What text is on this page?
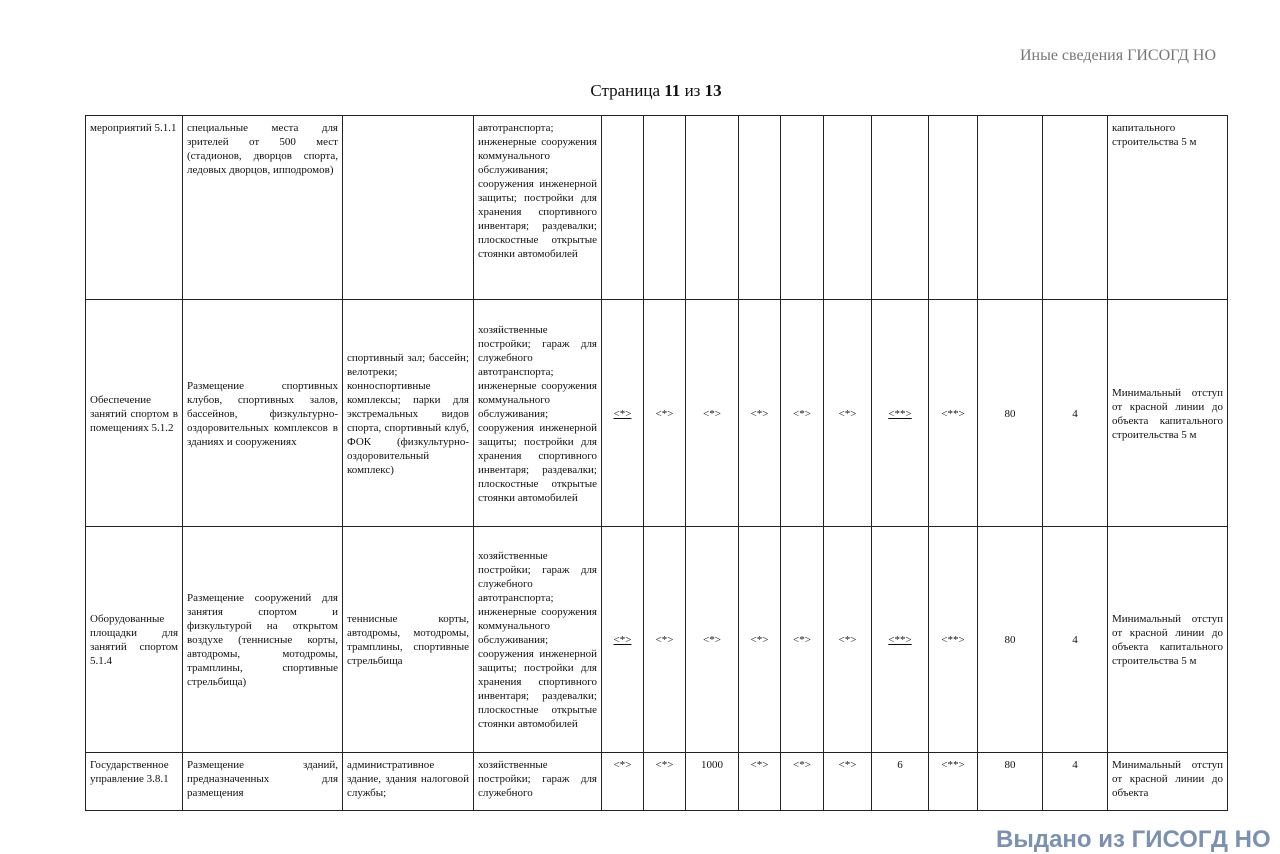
Иные сведения ГИСОГД НО
Страница 11 из 13
мероприятий 5.1.1	специальные места для зрителей от 500 мест (стадионов, дворцов спорта, ледовых дворцов, ипподромов)		автотранспорта; инженерные сооружения коммунального обслуживания; сооружения инженерной защиты; постройки для хранения спортивного инвентаря; раздевалки; плоскостные открытые стоянки автомобилей											капитального строительства 5 м
Обеспечение занятий спортом в помещениях 5.1.2	Размещение спортивных клубов, спортивных залов, бассейнов, физкультурно-оздоровительных комплексов в зданиях и сооружениях	спортивный зал; бассейн; велотреки; конноспортивные комплексы; парки для экстремальных видов спорта, спортивный клуб, ФОК (физкультурно-оздоровительный комплекс)	хозяйственные постройки; гараж для служебного автотранспорта; инженерные сооружения коммунального обслуживания; сооружения инженерной защиты; постройки для хранения спортивного инвентаря; раздевалки; плоскостные открытые стоянки автомобилей	<*>	<*>	<*>	<*>	<*>	<*>	<**>	<**>	80	4	Минимальный отступ от красной линии до объекта капитального строительства 5 м
Оборудованные площадки для занятий спортом 5.1.4	Размещение сооружений для занятия спортом и физкультурой на открытом воздухе (теннисные корты, автодромы, мотодромы, трамплины, спортивные стрельбища)	теннисные корты, автодромы, мотодромы, трамплины, спортивные стрельбища	хозяйственные постройки; гараж для служебного автотранспорта; инженерные сооружения коммунального обслуживания; сооружения инженерной защиты; постройки для хранения спортивного инвентаря; раздевалки; плоскостные открытые стоянки автомобилей	<*>	<*>	<*>	<*>	<*>	<*>	<**>	<**>	80	4	Минимальный отступ от красной линии до объекта капитального строительства 5 м
Государственное управление 3.8.1	Размещение зданий, предназначенных для размещения	административное здание, здания налоговой службы;	хозяйственные постройки; гараж для служебного	<*>	<*>	1000	<*>	<*>	<*>	6	<**>	80	4	Минимальный отступ от красной линии до объекта
Выдано из ГИСОГД НО
